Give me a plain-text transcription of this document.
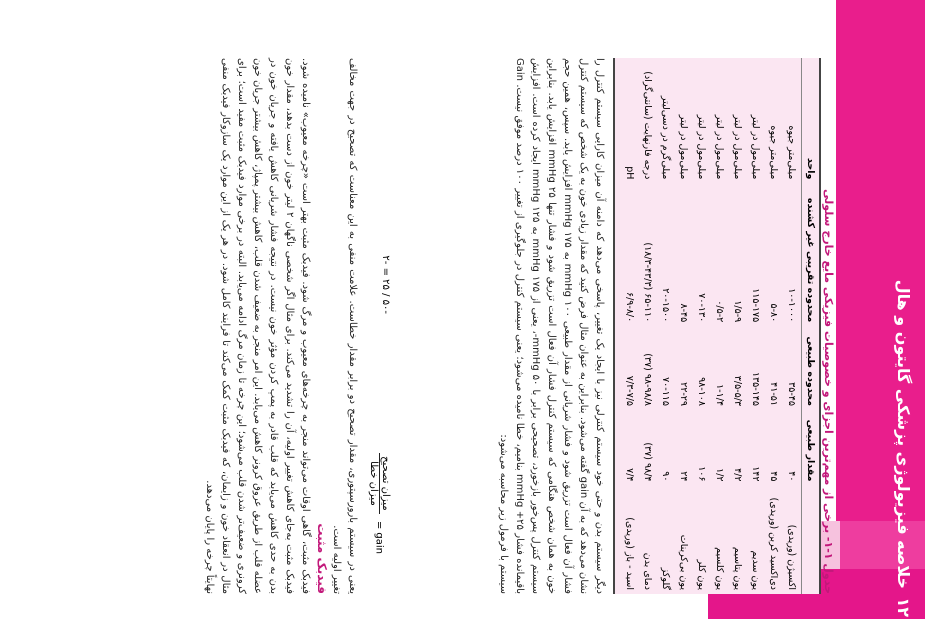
۱۲
خلاصه فیزیولوژی پزشکی گایتون و هال
جدول ۱-۱- برخی از مهم‌ترین اجزای و خصوصیات فیزیکی مایع خارج سلولی
	مقدار طبیعی	محدوده طبیعی	محدوده تقریبی غیر کشنده	واحد
اکسیژن (وریدی)	۴۰	۳۵-۴۵	۱۰-۱۰۰۰	میلی‌متر جیوه
دی‌اکسید کربن (وریدی)	۴۵	۴۱-۵۱	۵-۸۰	میلی‌متر جیوه
یون سدیم	۱۴۲	۱۳۵-۱۴۵	۱۱۵-۱۷۵	میلی‌مول در لیتر
یون پتاسیم	۴/۲	۳/۵-۵/۳	۱/۵-۹	میلی‌مول در لیتر
یون کلسیم	۱/۲	۱-۱/۴	۰/۵-۲	میلی‌مول در لیتر
یون کلر	۱۰۶	۹۸-۱۰۸	۷۰-۱۳۰	میلی‌مول در لیتر
یون بی‌کربنات	۲۴	۲۲-۲۹	۸-۴۵	میلی‌مول در لیتر
گلوکز	۹۰	۷۰-۱۱۵	۲۰-۱۵۰۰	میلی‌گرم در دسی‌لیتر
دمای بدن	۹۸/۴ (۳۷)	۹۸-۹۸/۸ (۳۷)	۶۵-۱۱۰ (۱۸/۳-۴۳/۳)	درجه فارنهایت (سانتی‌گراد)
اسید - باز (وریدی)	۷/۴	۷/۳-۷/۵	۶/۹-۸/۰	pH
دیگر سیستم بدن و حتی خود سیستم کنترلی نیز با ایجاد یک تغییر، پاسخی می‌دهد که دامنه آن میزان کارایی سیستم کنترل را نشان می‌دهد که به آن gain گفته می‌شود. بنابراین به عنوان مثال فرض کنید که مقدار زیادی خون به یک شخص که سیستم کنترل فشار آن فعال است تزریق شود و فشار شریانی از مقدار طبیعی ۱۰۰ mmHg به ۱۷۵ mmHg افزایش یابد. سپس، همین حجم خون به همان شخص هنگامی که سیستم کنترل فشار آن فعال است تزریق شود و فشار تنها ۲۵ mmHg افزایش یابد. بنابراین سیستم کنترل پس‌خور بازخورد، تصحیحی برابر با ۵۰ mmHg-، یعنی از ۱۷۵ mmHg به ۱۲۵ mmHg ایجاد کرده است. افزایش باقیمانده فشار ۲۵+ mmHg بنامیم، خطا نامیده می‌شود؛ یعنی سیستم کنترل در جلوگیری از تغییر ۱۰۰ درصد موفق نیست. Gain سیستم با فرمول زیر محاسبه می‌شود:
gain =
میزان تصحیح
میزان خطا
-۵۰ / ۲۵ = -۲
یعنی در سیستم بارورسپتوری، مقدار تصحیح دو برابر مقدار خطاست. علامت منفی به این معناست که تصحیح در جهت مخالف تغییر اولیه است.
فیدبک مثبت
فیدبک مثبت، گاهی اوقات می‌تواند منجر به چرخه‌های معیوب و مرگ شود. فیدبک مثبت بهتر است «چرخه معیوب» نامیده شود. فیدبک مثبت به‌جای کاهش تغییر اولیه، آن را تشدید می‌کند. برای مثال اگر شخصی ناگهان ۲ لیتر خون از دست بدهد، مقدار خون بدن به حدی کاهش می‌یابد که قلب قادر به پمپ کردن مؤثر خون نیست. در نتیجه فشار شریانی کاهش یافته و جریان خون در عضله قلب از طریق عروق کرونر کاهش می‌یابد. این امر منجر به ضعیف شدن قلب، کاهش بیشتر پمپاژ، کاهش بیشتر جریان خون کرونری و ضعیف‌تر شدن قلب می‌شود؛ این چرخه تا زمان مرگ ادامه می‌یابد. البته در برخی موارد فیدبک مثبت مفید است؛ برای مثال در انعقاد خون و زایمان، که فیدبک مثبت کمک می‌کند تا فرایند کامل شود. در هر یک از این موارد یک سازوکار فیدبک منفی نهایتاً چرخه را پایان می‌دهد.
